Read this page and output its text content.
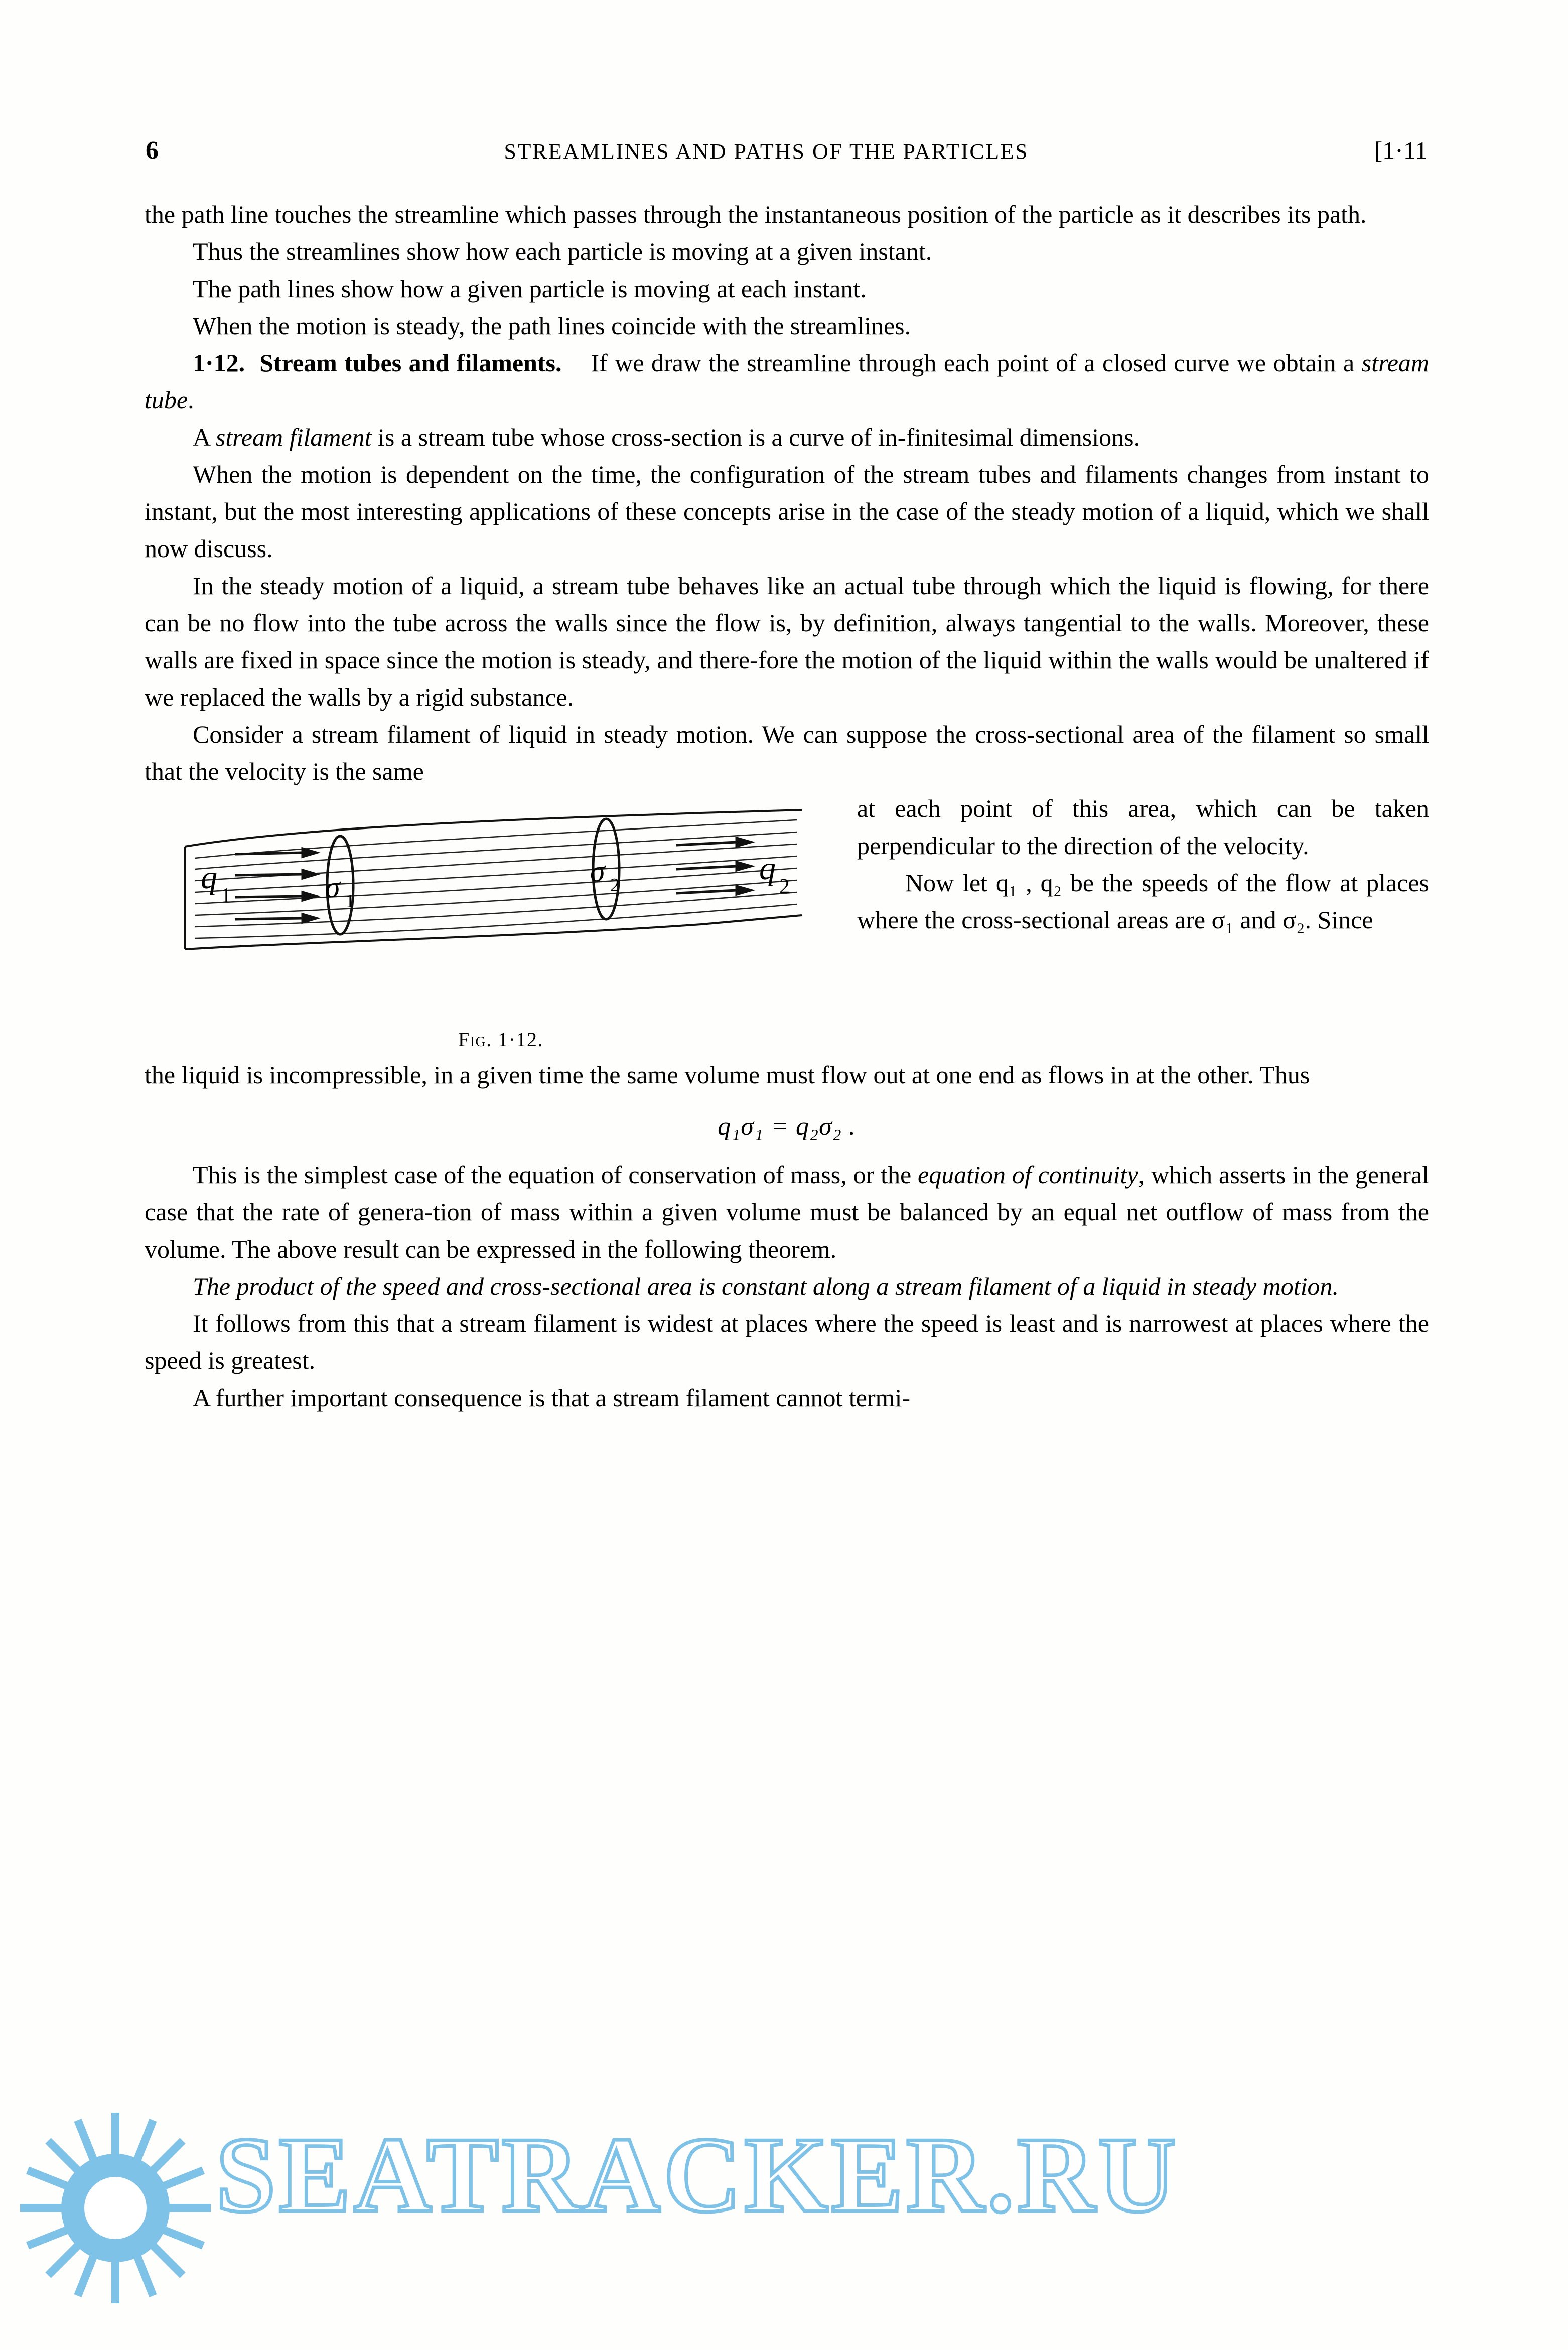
6	STREAMLINES AND PATHS OF THE PARTICLES	[1·11

the path line touches the streamline which passes through the instantaneous position of the particle as it describes its path.

Thus the streamlines show how each particle is moving at a given instant.

The path lines show how a given particle is moving at each instant.

When the motion is steady, the path lines coincide with the streamlines.

1·12. Stream tubes and filaments. If we draw the streamline through each point of a closed curve we obtain a stream tube.

A stream filament is a stream tube whose cross-section is a curve of in-finitesimal dimensions.

When the motion is dependent on the time, the configuration of the stream tubes and filaments changes from instant to instant, but the most interesting applications of these concepts arise in the case of the steady motion of a liquid, which we shall now discuss.

In the steady motion of a liquid, a stream tube behaves like an actual tube through which the liquid is flowing, for there can be no flow into the tube across the walls since the flow is, by definition, always tangential to the walls. Moreover, these walls are fixed in space since the motion is steady, and there-fore the motion of the liquid within the walls would be unaltered if we replaced the walls by a rigid substance.

Consider a stream filament of liquid in steady motion. We can suppose the cross-sectional area of the filament so small that the velocity is the same

q 1
q 2
σ 1
σ 2
Fig. 1·12.

at each point of this area, which can be taken perpendicular to the direction of the velocity.

Now let q₁ , q₂ be the speeds of the flow at places where the cross-sectional areas are σ₁ and σ₂. Since

the liquid is incompressible, in a given time the same volume must flow out at one end as flows in at the other. Thus

q₁σ₁ = q₂σ₂ .

This is the simplest case of the equation of conservation of mass, or the equation of continuity, which asserts in the general case that the rate of genera-tion of mass within a given volume must be balanced by an equal net outflow of mass from the volume. The above result can be expressed in the following theorem.

The product of the speed and cross-sectional area is constant along a stream filament of a liquid in steady motion.

It follows from this that a stream filament is widest at places where the speed is least and is narrowest at places where the speed is greatest.

A further important consequence is that a stream filament cannot termi-

SEATRACKER.RU
